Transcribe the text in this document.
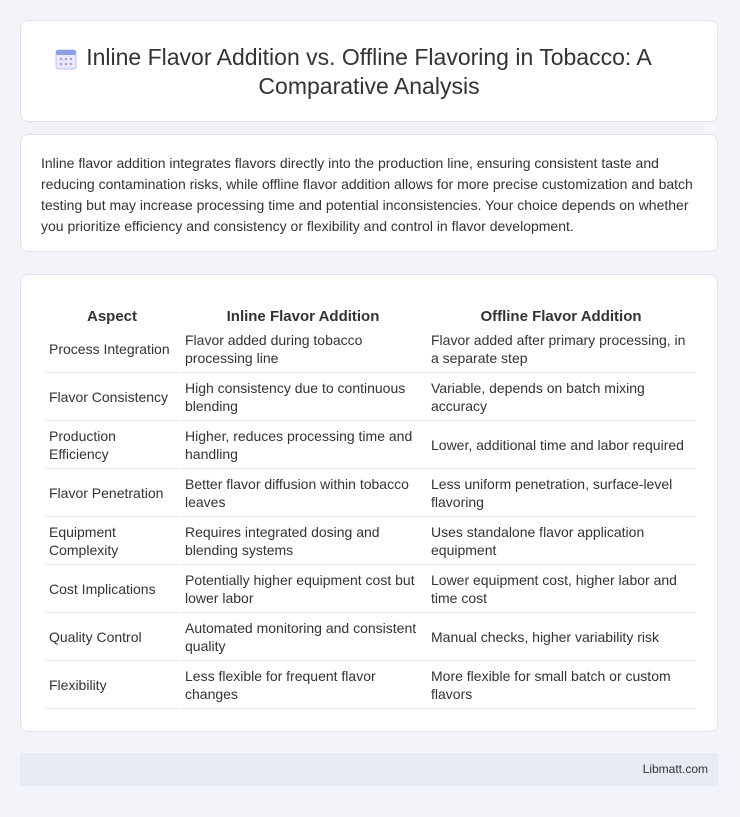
Inline Flavor Addition vs. Offline Flavoring in Tobacco: A Comparative Analysis

Inline flavor addition integrates flavors directly into the production line, ensuring consistent taste and reducing contamination risks, while offline flavor addition allows for more precise customization and batch testing but may increase processing time and potential inconsistencies. Your choice depends on whether you prioritize efficiency and consistency or flexibility and control in flavor development.

Aspect	Inline Flavor Addition	Offline Flavor Addition
Process Integration	Flavor added during tobacco processing line	Flavor added after primary processing, in a separate step
Flavor Consistency	High consistency due to continuous blending	Variable, depends on batch mixing accuracy
Production Efficiency	Higher, reduces processing time and handling	Lower, additional time and labor required
Flavor Penetration	Better flavor diffusion within tobacco leaves	Less uniform penetration, surface-level flavoring
Equipment Complexity	Requires integrated dosing and blending systems	Uses standalone flavor application equipment
Cost Implications	Potentially higher equipment cost but lower labor	Lower equipment cost, higher labor and time cost
Quality Control	Automated monitoring and consistent quality	Manual checks, higher variability risk
Flexibility	Less flexible for frequent flavor changes	More flexible for small batch or custom flavors
Libmatt.com
